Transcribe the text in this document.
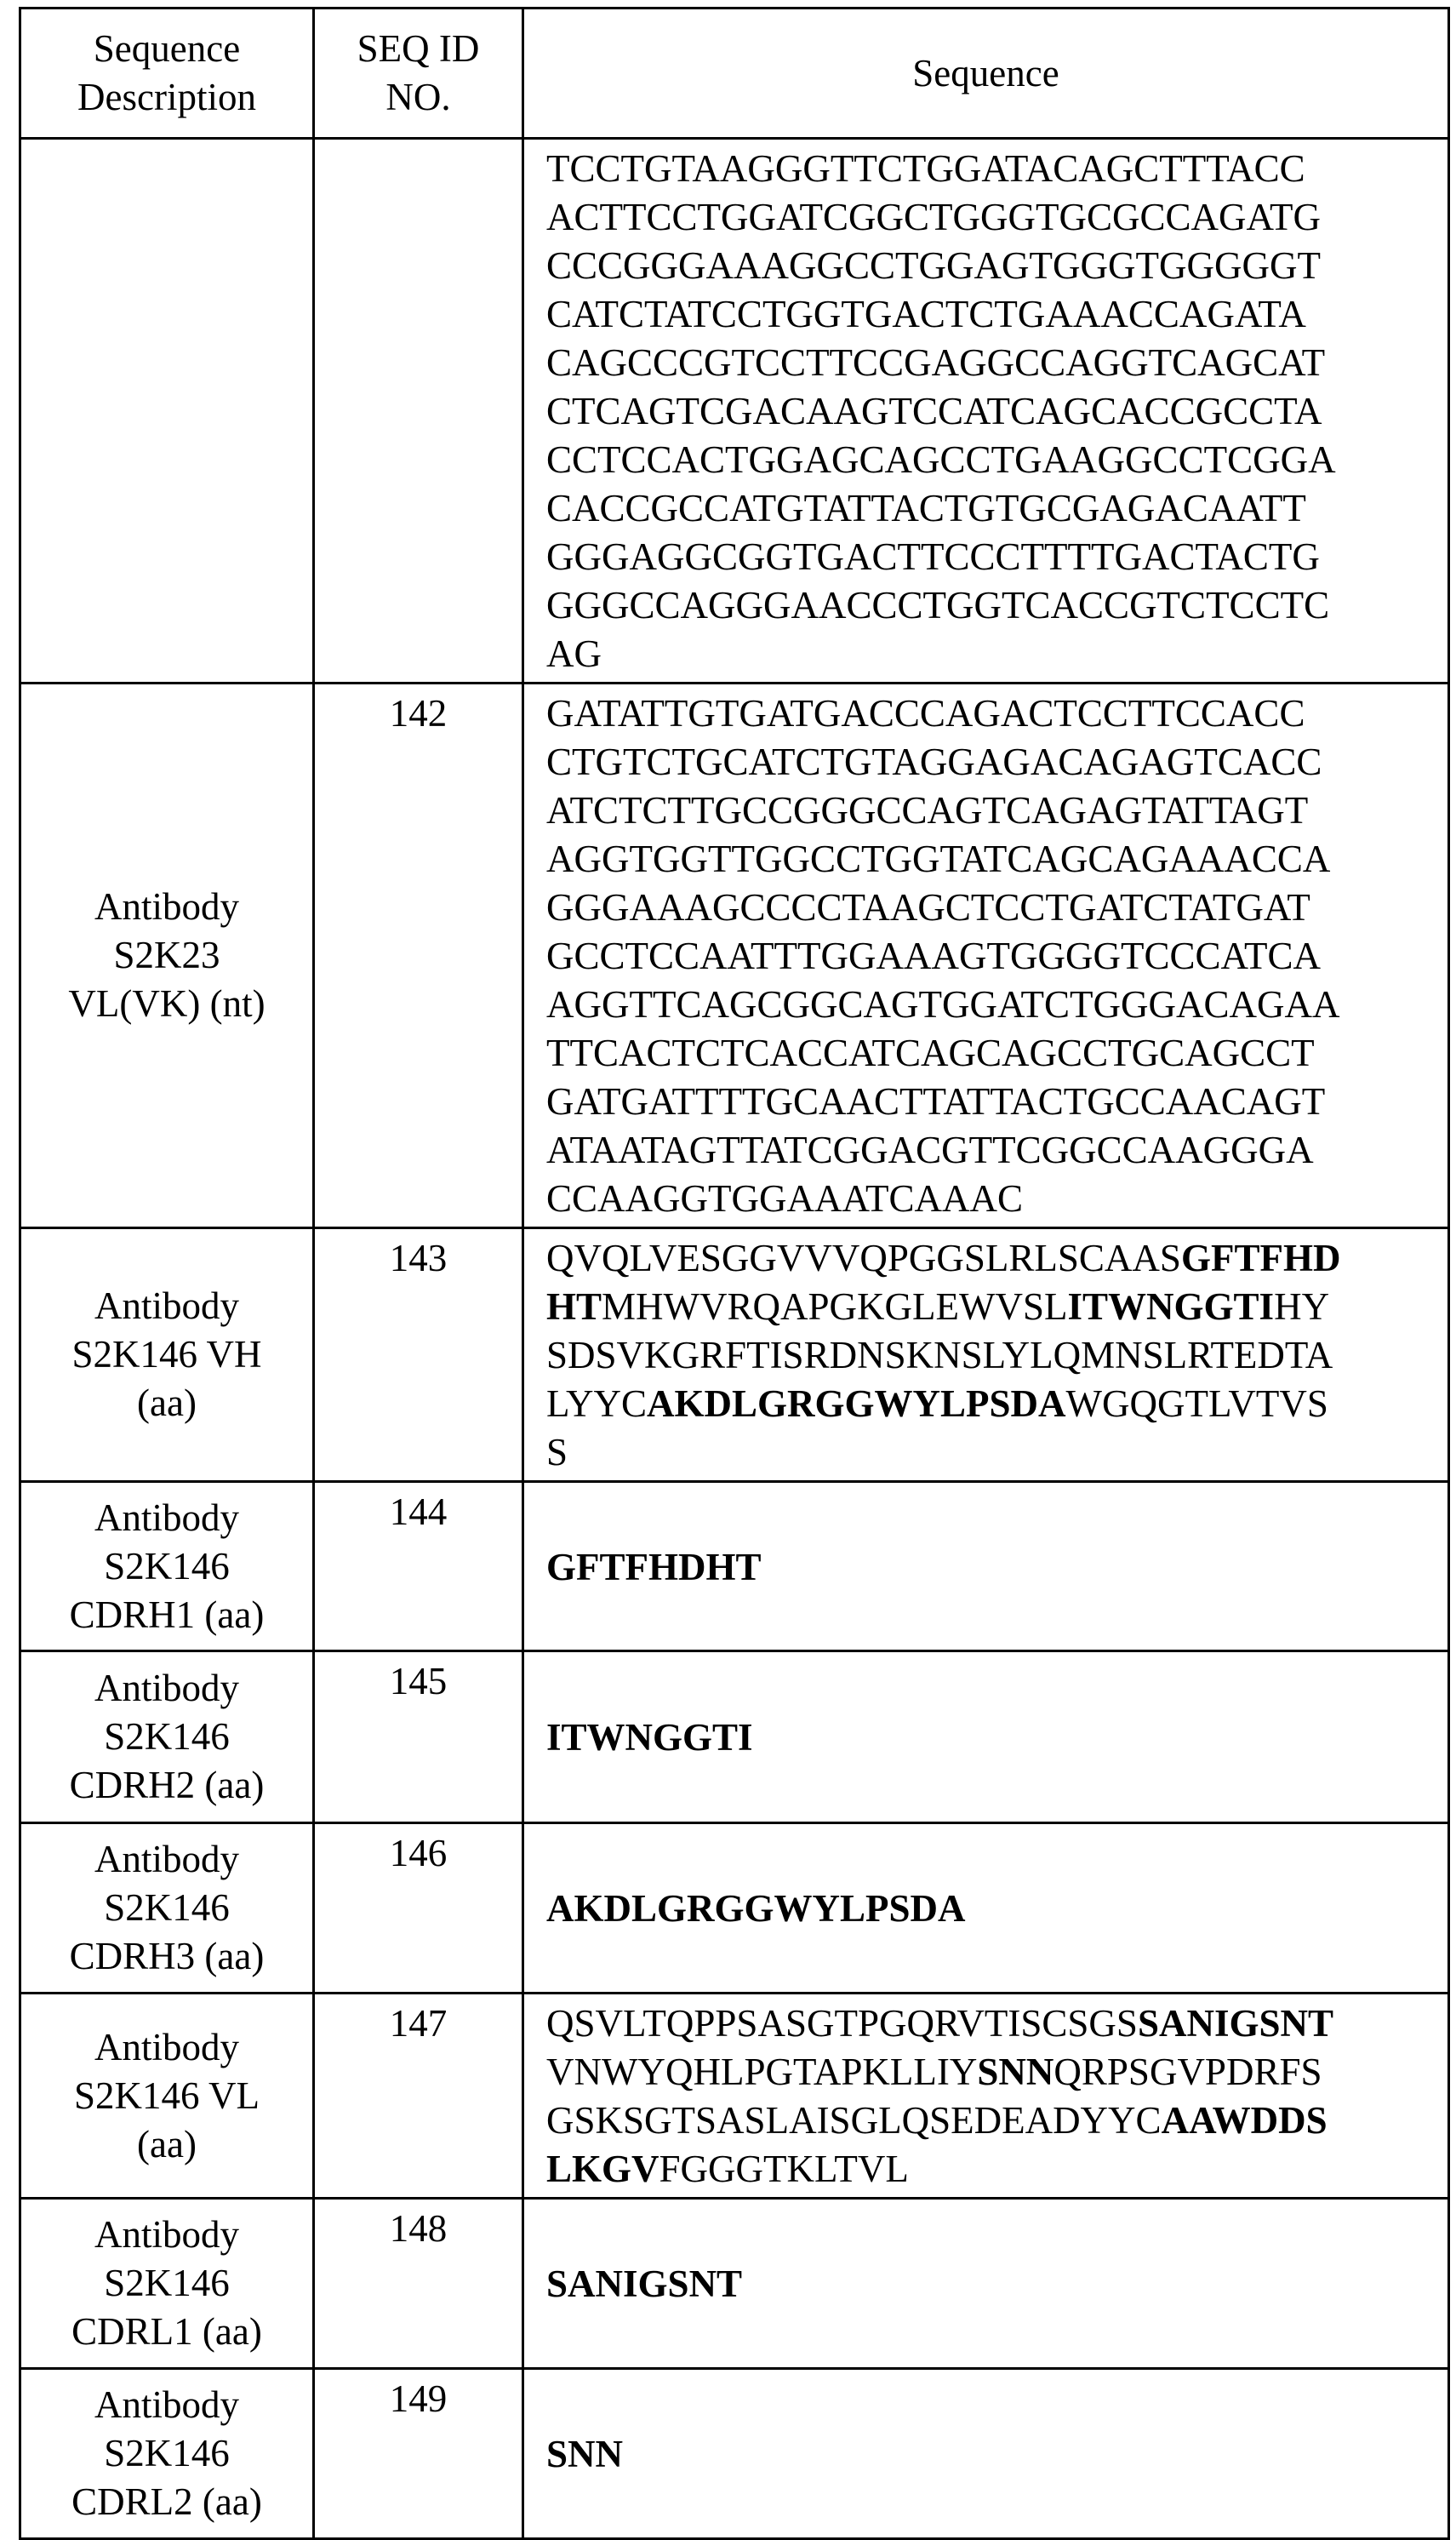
Sequence
Description

SEQ ID
NO.
	Sequence

TCCTGTAAGGGTTCTGGATACAGCTTTACC
ACTTCCTGGATCGGCTGGGTGCGCCAGATG
CCCGGGAAAGGCCTGGAGTGGGTGGGGGT
CATCTATCCTGGTGACTCTGAAACCAGATA
CAGCCCGTCCTTCCGAGGCCAGGTCAGCAT
CTCAGTCGACAAGTCCATCAGCACCGCCTA
CCTCCACTGGAGCAGCCTGAAGGCCTCGGA
CACCGCCATGTATTACTGTGCGAGACAATT
GGGAGGCGGTGACTTCCCTTTTGACTACTG
GGGCCAGGGAACCCTGGTCACCGTCTCCTC
AG

Antibody
S2K23
VL(VK) (nt)
	142	GATATTGTGATGACCCAGACTCCTTCCACC
CTGTCTGCATCTGTAGGAGACAGAGTCACC
ATCTCTTGCCGGGCCAGTCAGAGTATTAGT
AGGTGGTTGGCCTGGTATCAGCAGAAACCA
GGGAAAGCCCCTAAGCTCCTGATCTATGAT
GCCTCCAATTTGGAAAGTGGGGTCCCATCA
AGGTTCAGCGGCAGTGGATCTGGGACAGAA
TTCACTCTCACCATCAGCAGCCTGCAGCCT
GATGATTTTGCAACTTATTACTGCCAACAGT
ATAATAGTTATCGGACGTTCGGCCAAGGGA
CCAAGGTGGAAATCAAAC

Antibody
S2K146 VH
(aa)
	143	QVQLVESGGVVVQPGGSLRLSCAASGFTFHD
HTMHWVRQAPGKGLEWVSLITWNGGTIHY
SDSVKGRFTISRDNSKNSLYLQMNSLRTEDTA
LYYCAKDLGRGGWYLPSDAWGQGTLVTVS
S

Antibody
S2K146
CDRH1 (aa)
	144	
GFTFHDHT

Antibody
S2K146
CDRH2 (aa)
	145	
ITWNGGTI

Antibody
S2K146
CDRH3 (aa)
	146	
AKDLGRGGWYLPSDA

Antibody
S2K146 VL
(aa)
	147	QSVLTQPPSASGTPGQRVTISCSGSSANIGSNT
VNWYQHLPGTAPKLLIYSNNQRPSGVPDRFS
GSKSGTSASLAISGLQSEDEADYYCAAWDDS
LKGVFGGGTKLTVL

Antibody
S2K146
CDRL1 (aa)
	148	
SANIGSNT

Antibody
S2K146
CDRL2 (aa)
	149	
SNN
